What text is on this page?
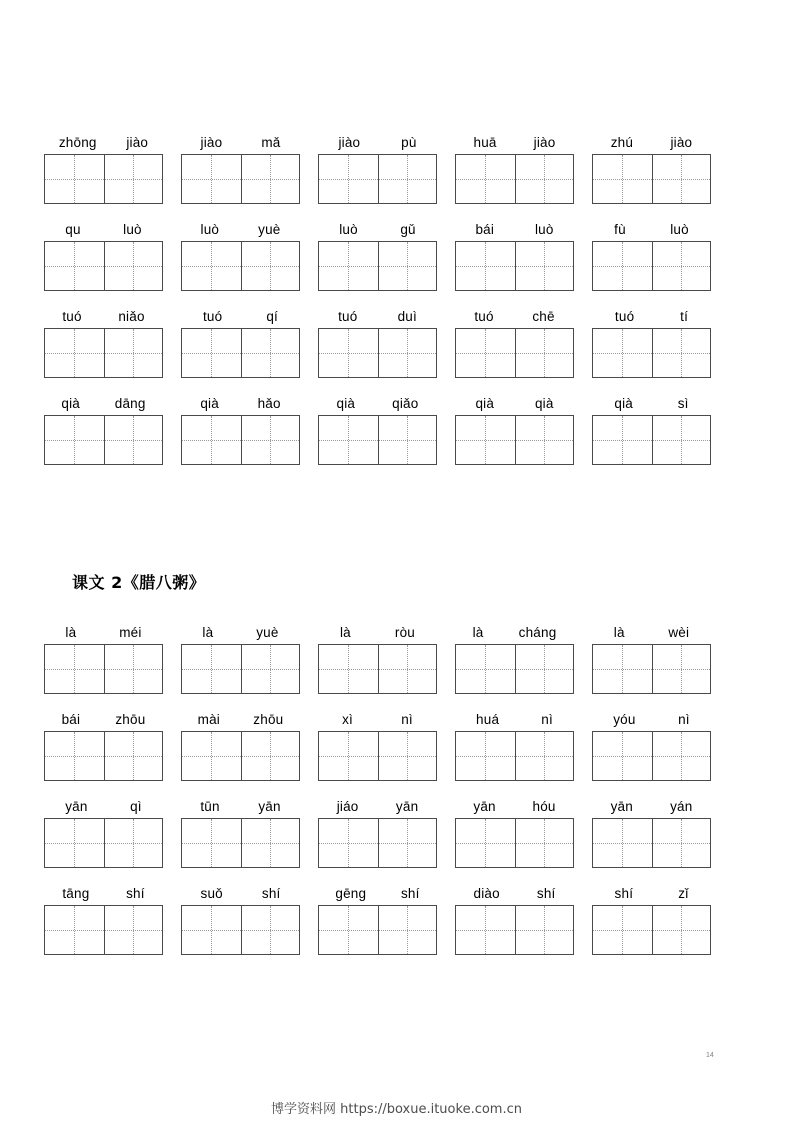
zhōng jiào	jiào	mǎ	jiào	pù	huā	jiào	zhú	jiào
qu	luò	luò	yuè	luò	gǔ	bái	luò	fù	luò
tuó	niǎo	tuó	qí	tuó	duì	tuó	chē	tuó	tí
qià	dāng	qià	hǎo	qià	qiǎo	qià	qià	qià	sì
课文 2《腊八粥》
là	méi	là	yuè	là	ròu	là	cháng	là	wèi
bái	zhōu	mài zhōu	xì	nì	huá	nì	yóu	nì
yān	qì	tūn	yān	jiáo	yān	yān	hóu	yān	yán
tāng	shí	suǒ	shí	gēng	shí	diào	shí	shí	zǐ
14
博学资料网 https://boxue.ituoke.com.cn
